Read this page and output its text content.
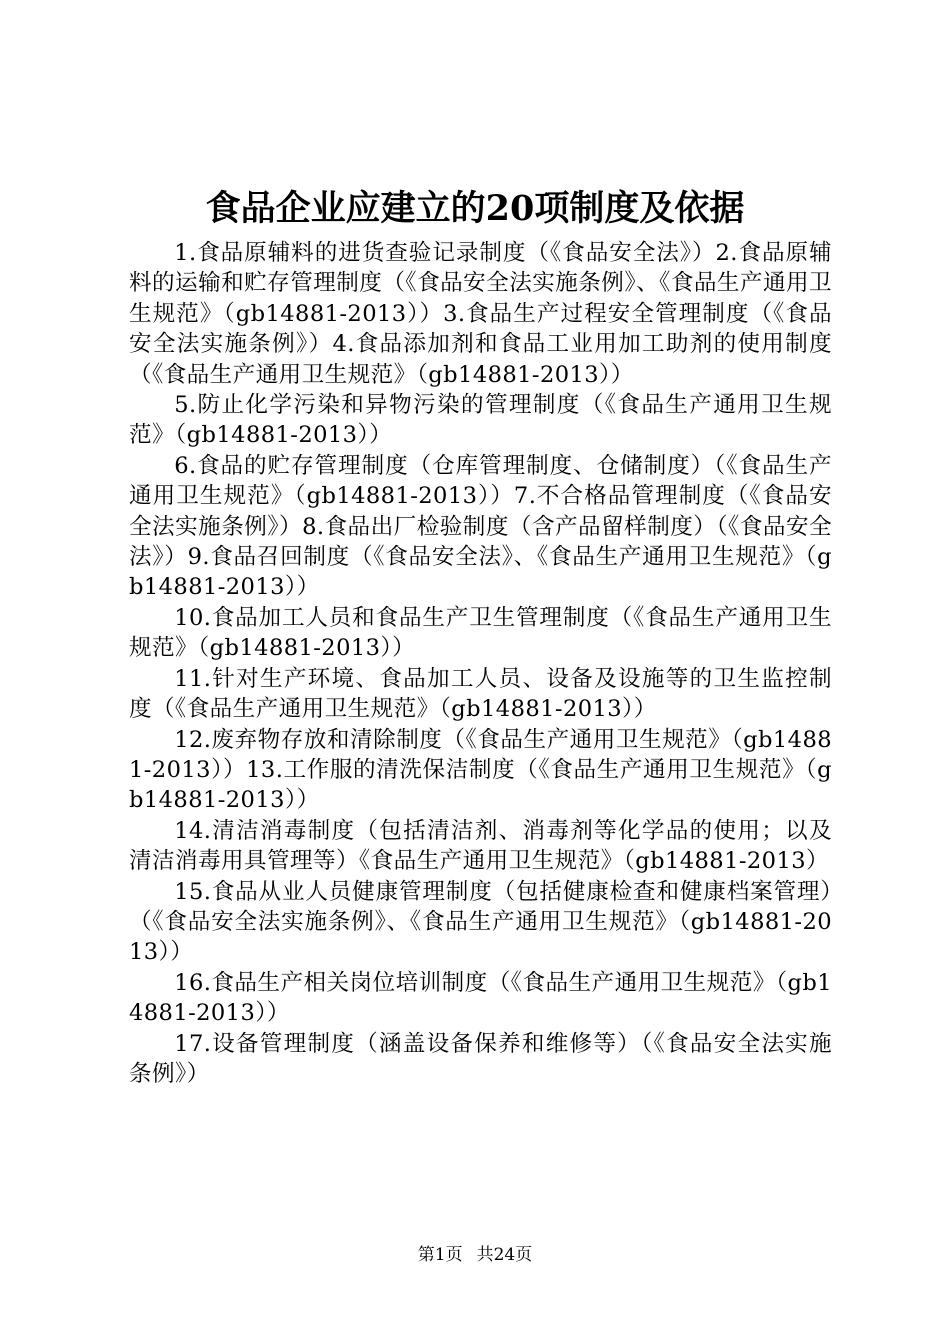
食品企业应建立的20项制度及依据

1.食品原辅料的进货查验记录制度（《食品安全法》）2.食品原辅料的运输和贮存管理制度（《食品安全法实施条例》、《食品生产通用卫生规范》（gb14881-2013））3.食品生产过程安全管理制度（《食品安全法实施条例》）4.食品添加剂和食品工业用加工助剂的使用制度（《食品生产通用卫生规范》（gb14881-2013））

5.防止化学污染和异物污染的管理制度（《食品生产通用卫生规范》（gb14881-2013））

6.食品的贮存管理制度（仓库管理制度、仓储制度）（《食品生产通用卫生规范》（gb14881-2013））7.不合格品管理制度（《食品安全法实施条例》）8.食品出厂检验制度（含产品留样制度）（《食品安全法》）9.食品召回制度（《食品安全法》、《食品生产通用卫生规范》（gb14881-2013））

10.食品加工人员和食品生产卫生管理制度（《食品生产通用卫生规范》（gb14881-2013））

11.针对生产环境、食品加工人员、设备及设施等的卫生监控制度（《食品生产通用卫生规范》（gb14881-2013））

12.废弃物存放和清除制度（《食品生产通用卫生规范》（gb14881-2013））13.工作服的清洗保洁制度（《食品生产通用卫生规范》（gb14881-2013））

14.清洁消毒制度（包括清洁剂、消毒剂等化学品的使用；以及清洁消毒用具管理等）《食品生产通用卫生规范》（gb14881-2013）

15.食品从业人员健康管理制度（包括健康检查和健康档案管理）（《食品安全法实施条例》、《食品生产通用卫生规范》（gb14881-2013））

16.食品生产相关岗位培训制度（《食品生产通用卫生规范》（gb14881-2013））

17.设备管理制度（涵盖设备保养和维修等）（《食品安全法实施条例》）

第1页 共24页
